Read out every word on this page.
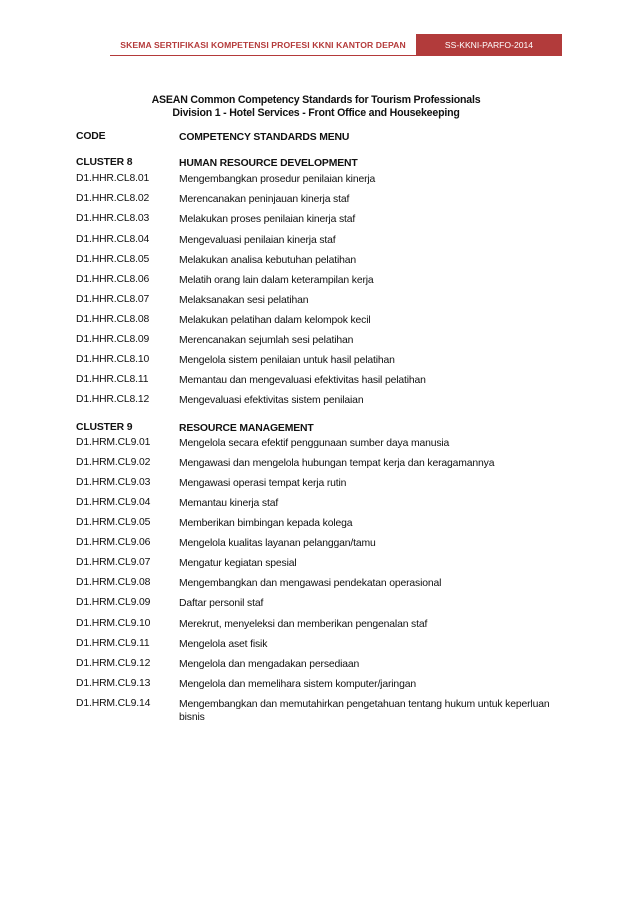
SKEMA SERTIFIKASI KOMPETENSI PROFESI KKNI KANTOR DEPAN	SS-KKNI-PARFO-2014
ASEAN Common Competency Standards for Tourism Professionals
Division 1 - Hotel Services - Front Office and Housekeeping
CODE	COMPETENCY STANDARDS MENU
CLUSTER 8	HUMAN RESOURCE DEVELOPMENT
D1.HHR.CL8.01	Mengembangkan prosedur penilaian kinerja
D1.HHR.CL8.02	Merencanakan peninjauan kinerja staf
D1.HHR.CL8.03	Melakukan proses penilaian kinerja staf
D1.HHR.CL8.04	Mengevaluasi penilaian kinerja staf
D1.HHR.CL8.05	Melakukan analisa kebutuhan pelatihan
D1.HHR.CL8.06	Melatih orang lain dalam keterampilan kerja
D1.HHR.CL8.07	Melaksanakan sesi pelatihan
D1.HHR.CL8.08	Melakukan pelatihan dalam kelompok kecil
D1.HHR.CL8.09	Merencanakan sejumlah sesi pelatihan
D1.HHR.CL8.10	Mengelola sistem penilaian untuk hasil pelatihan
D1.HHR.CL8.11	Memantau dan mengevaluasi efektivitas hasil pelatihan
D1.HHR.CL8.12	Mengevaluasi efektivitas sistem penilaian
CLUSTER 9	RESOURCE MANAGEMENT
D1.HRM.CL9.01	Mengelola secara efektif penggunaan sumber daya manusia
D1.HRM.CL9.02	Mengawasi dan mengelola hubungan tempat kerja dan keragamannya
D1.HRM.CL9.03	Mengawasi operasi tempat kerja rutin
D1.HRM.CL9.04	Memantau kinerja staf
D1.HRM.CL9.05	Memberikan bimbingan kepada kolega
D1.HRM.CL9.06	Mengelola kualitas layanan pelanggan/tamu
D1.HRM.CL9.07	Mengatur kegiatan spesial
D1.HRM.CL9.08	Mengembangkan dan mengawasi pendekatan operasional
D1.HRM.CL9.09	Daftar personil staf
D1.HRM.CL9.10	Merekrut, menyeleksi dan memberikan pengenalan staf
D1.HRM.CL9.11	Mengelola aset fisik
D1.HRM.CL9.12	Mengelola dan mengadakan persediaan
D1.HRM.CL9.13	Mengelola dan memelihara sistem komputer/jaringan
D1.HRM.CL9.14	Mengembangkan dan memutahirkan pengetahuan tentang hukum untuk keperluan bisnis
